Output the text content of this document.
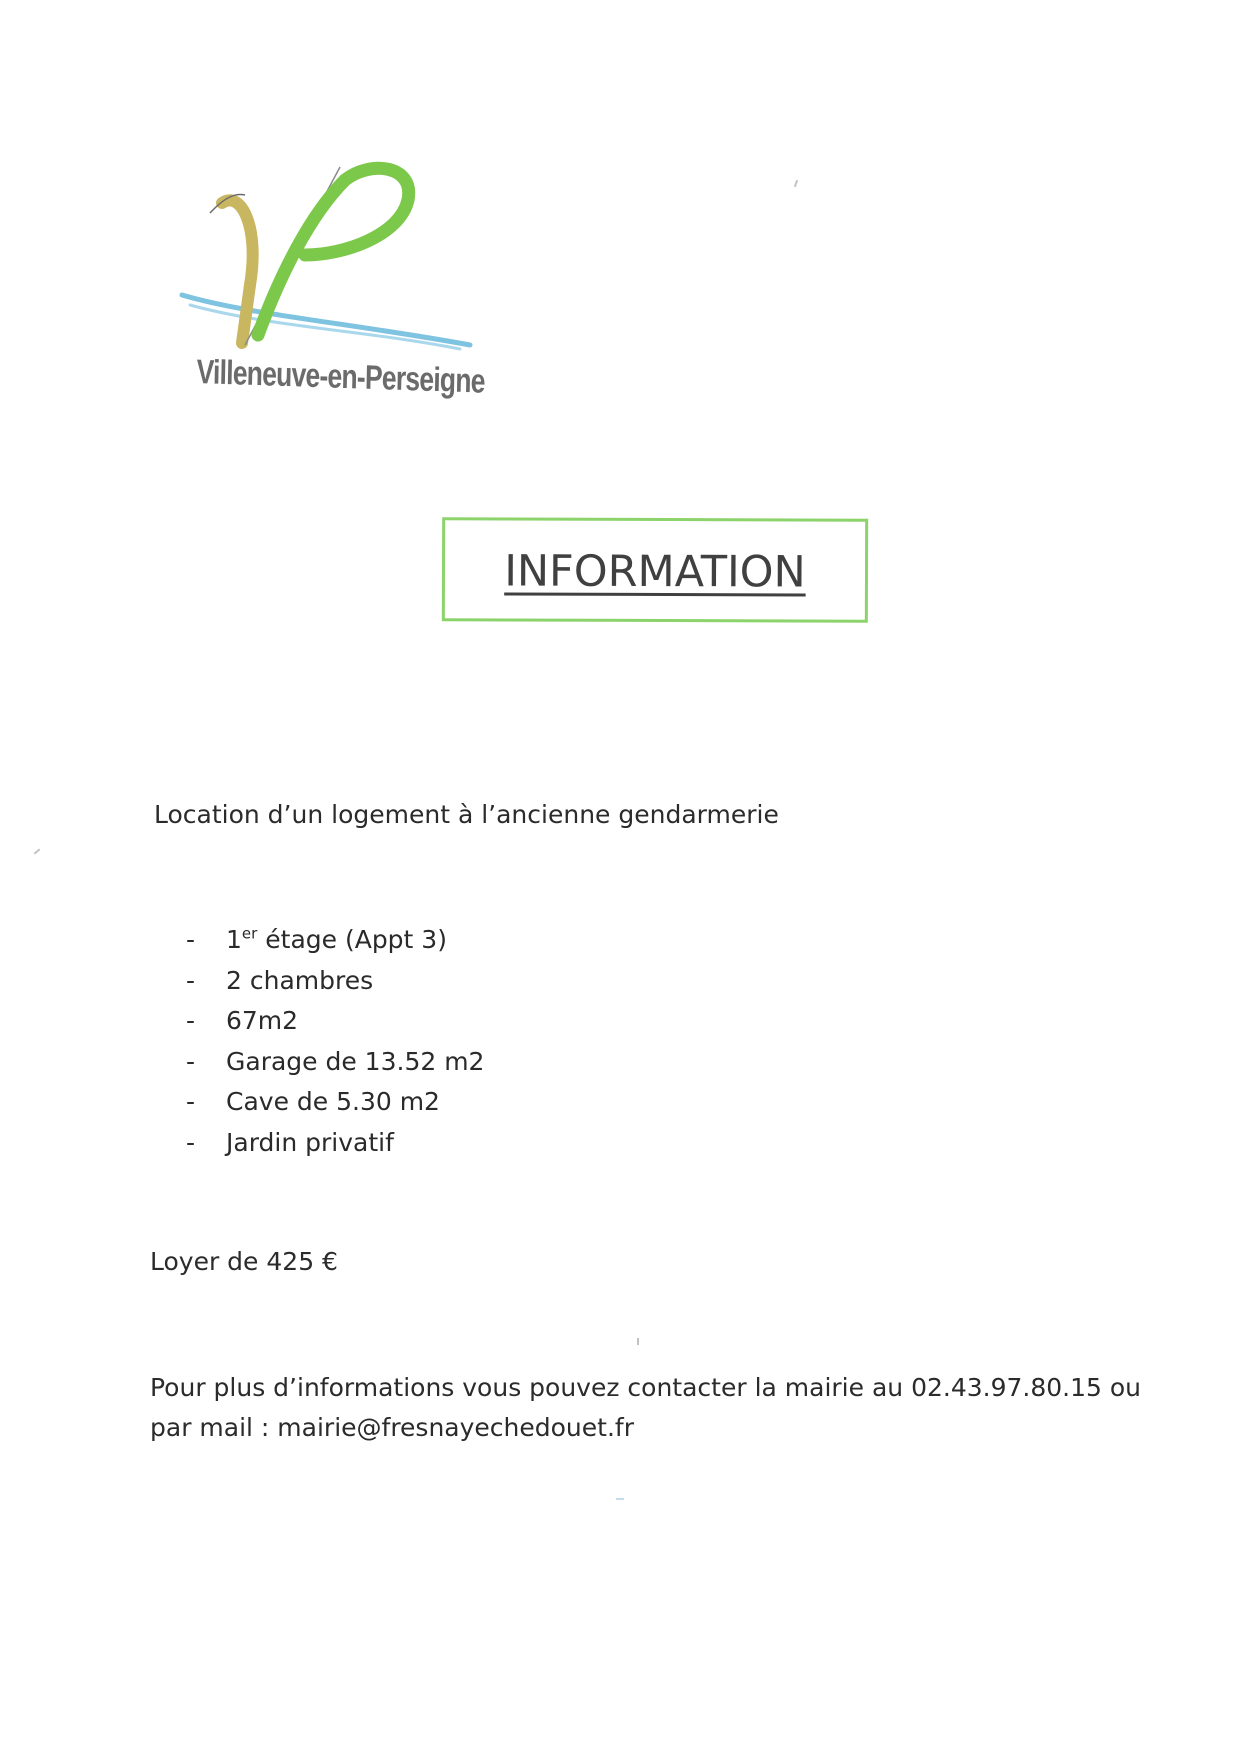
Villeneuve-en-Perseigne
INFORMATION
Location d’un logement à l’ancienne gendarmerie
- 1er étage (Appt 3)
- 2 chambres
- 67m2
- Garage de 13.52 m2
- Cave de 5.30 m2
- Jardin privatif
Loyer de 425 €
Pour plus d’informations vous pouvez contacter la mairie au 02.43.97.80.15 ou
par mail : mairie@fresnayechedouet.fr
